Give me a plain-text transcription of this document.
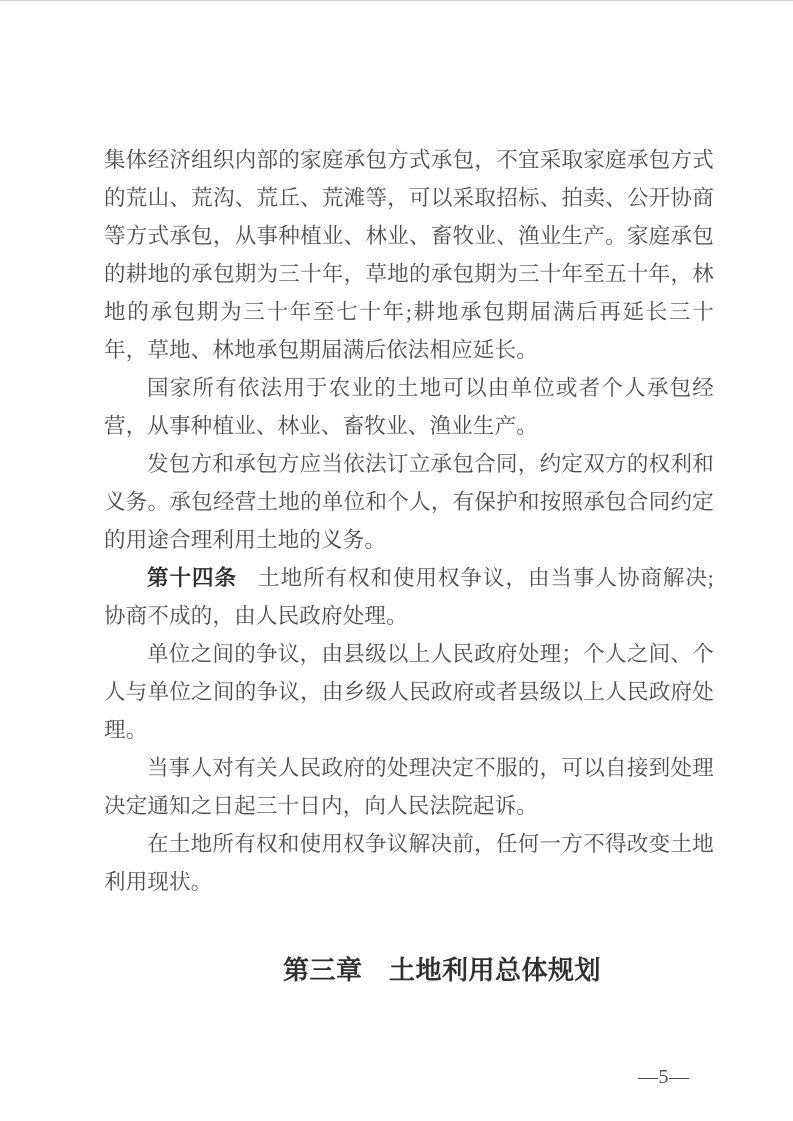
集体经济组织内部的家庭承包方式承包，不宜采取家庭承包方式的荒山、荒沟、荒丘、荒滩等，可以采取招标、拍卖、公开协商等方式承包，从事种植业、林业、畜牧业、渔业生产。家庭承包的耕地的承包期为三十年，草地的承包期为三十年至五十年，林地的承包期为三十年至七十年;耕地承包期届满后再延长三十年，草地、林地承包期届满后依法相应延长。

国家所有依法用于农业的土地可以由单位或者个人承包经营，从事种植业、林业、畜牧业、渔业生产。

发包方和承包方应当依法订立承包合同，约定双方的权利和义务。承包经营土地的单位和个人，有保护和按照承包合同约定的用途合理利用土地的义务。

第十四条 土地所有权和使用权争议，由当事人协商解决;协商不成的，由人民政府处理。

单位之间的争议，由县级以上人民政府处理；个人之间、个人与单位之间的争议，由乡级人民政府或者县级以上人民政府处理。

当事人对有关人民政府的处理决定不服的，可以自接到处理决定通知之日起三十日内，向人民法院起诉。

在土地所有权和使用权争议解决前，任何一方不得改变土地利用现状。

第三章　土地利用总体规划
—5—
